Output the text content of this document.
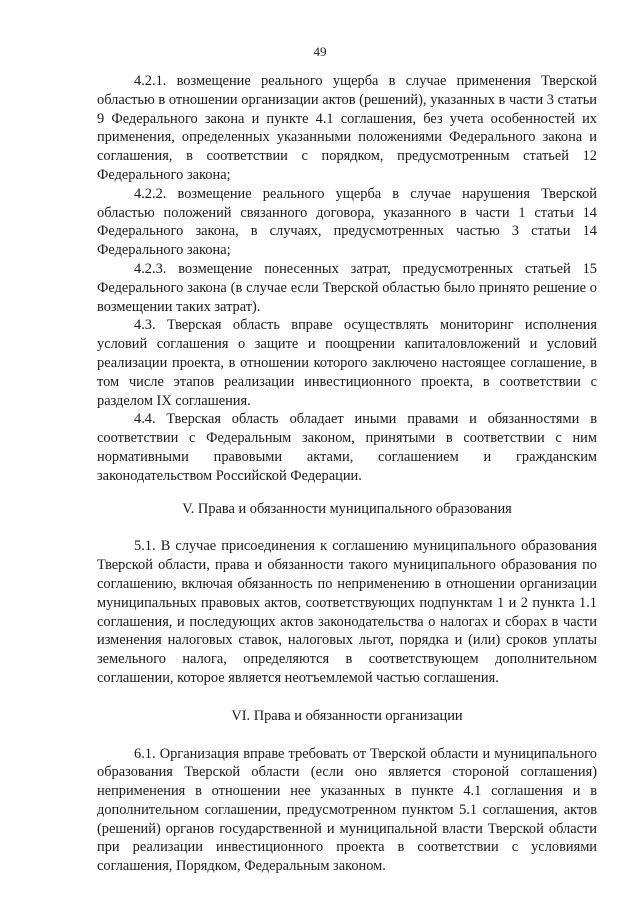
49

4.2.1. возмещение реального ущерба в случае применения Тверской областью в отношении организации актов (решений), указанных в части 3 статьи 9 Федерального закона и пункте 4.1 соглашения, без учета особенностей их применения, определенных указанными положениями Федерального закона и соглашения, в соответствии с порядком, предусмотренным статьей 12 Федерального закона;

4.2.2. возмещение реального ущерба в случае нарушения Тверской областью положений связанного договора, указанного в части 1 статьи 14 Федерального закона, в случаях, предусмотренных частью 3 статьи 14 Федерального закона;

4.2.3. возмещение понесенных затрат, предусмотренных статьей 15 Федерального закона (в случае если Тверской областью было принято решение о возмещении таких затрат).

4.3. Тверская область вправе осуществлять мониторинг исполнения условий соглашения о защите и поощрении капиталовложений и условий реализации проекта, в отношении которого заключено настоящее соглашение, в том числе этапов реализации инвестиционного проекта, в соответствии с разделом IX соглашения.

4.4. Тверская область обладает иными правами и обязанностями в соответствии с Федеральным законом, принятыми в соответствии с ним нормативными правовыми актами, соглашением и гражданским законодательством Российской Федерации.

V. Права и обязанности муниципального образования

5.1. В случае присоединения к соглашению муниципального образования Тверской области, права и обязанности такого муниципального образования по соглашению, включая обязанность по неприменению в отношении организации муниципальных правовых актов, соответствующих подпунктам 1 и 2 пункта 1.1 соглашения, и последующих актов законодательства о налогах и сборах в части изменения налоговых ставок, налоговых льгот, порядка и (или) сроков уплаты земельного налога, определяются в соответствующем дополнительном соглашении, которое является неотъемлемой частью соглашения.

VI. Права и обязанности организации

6.1. Организация вправе требовать от Тверской области и муниципального образования Тверской области (если оно является стороной соглашения) неприменения в отношении нее указанных в пункте 4.1 соглашения и в дополнительном соглашении, предусмотренном пунктом 5.1 соглашения, актов (решений) органов государственной и муниципальной власти Тверской области при реализации инвестиционного проекта в соответствии с условиями соглашения, Порядком, Федеральным законом.
